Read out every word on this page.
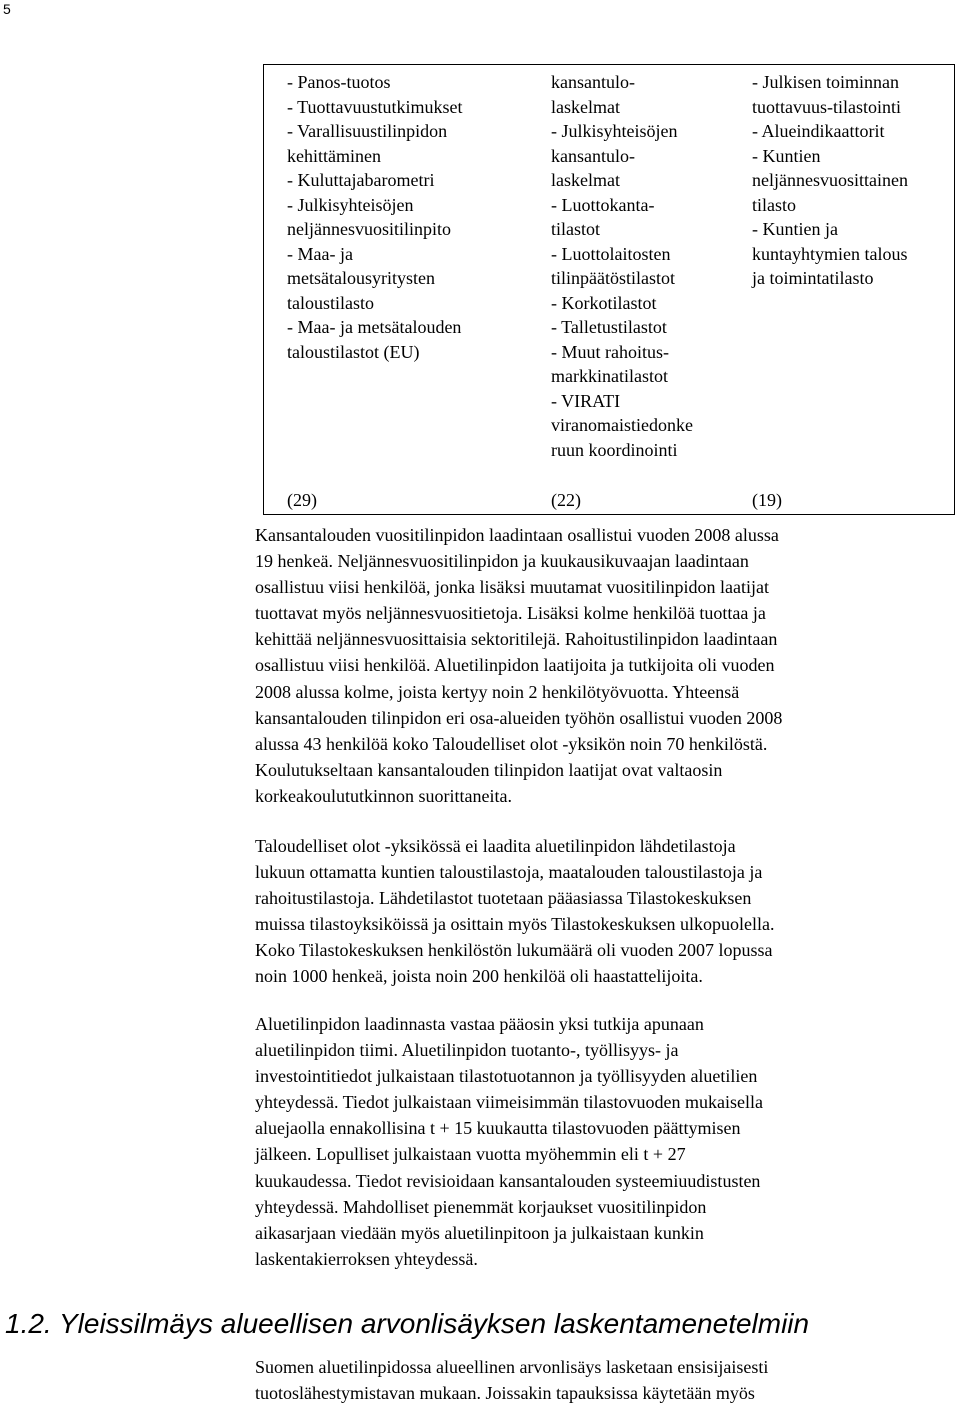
5
- Panos-tuotos
- Tuottavuustutkimukset
- Varallisuustilinpidon
kehittäminen
- Kuluttajabarometri
- Julkisyhteisöjen
neljännesvuositilinpito
- Maa- ja
metsätalousyritysten
taloustilasto
- Maa- ja metsätalouden
taloustilastot (EU)
kansantulo-
laskelmat
- Julkisyhteisöjen
kansantulo-
laskelmat
- Luottokanta-
tilastot
- Luottolaitosten
tilinpäätöstilastot
- Korkotilastot
- Talletustilastot
- Muut rahoitus-
markkinatilastot
- VIRATI
viranomaistiedonke
ruun koordinointi
- Julkisen toiminnan
tuottavuus-tilastointi
- Alueindikaattorit
- Kuntien
neljännesvuosittainen
tilasto
- Kuntien ja
kuntayhtymien talous
ja toimintatilasto
(29)	(22)	(19)

Kansantalouden vuositilinpidon laadintaan osallistui vuoden 2008 alussa
19 henkeä. Neljännesvuositilinpidon ja kuukausikuvaajan laadintaan
osallistuu viisi henkilöä, jonka lisäksi muutamat vuositilinpidon laatijat
tuottavat myös neljännesvuositietoja. Lisäksi kolme henkilöä tuottaa ja
kehittää neljännesvuosittaisia sektoritilejä. Rahoitustilinpidon laadintaan
osallistuu viisi henkilöä. Aluetilinpidon laatijoita ja tutkijoita oli vuoden
2008 alussa kolme, joista kertyy noin 2 henkilötyövuotta. Yhteensä
kansantalouden tilinpidon eri osa-alueiden työhön osallistui vuoden 2008
alussa 43 henkilöä koko Taloudelliset olot -yksikön noin 70 henkilöstä.
Koulutukseltaan kansantalouden tilinpidon laatijat ovat valtaosin
korkeakoulututkinnon suorittaneita.

Taloudelliset olot -yksikössä ei laadita aluetilinpidon lähdetilastoja
lukuun ottamatta kuntien taloustilastoja, maatalouden taloustilastoja ja
rahoitustilastoja. Lähdetilastot tuotetaan pääasiassa Tilastokeskuksen
muissa tilastoyksiköissä ja osittain myös Tilastokeskuksen ulkopuolella.
Koko Tilastokeskuksen henkilöstön lukumäärä oli vuoden 2007 lopussa
noin 1000 henkeä, joista noin 200 henkilöä oli haastattelijoita.

Aluetilinpidon laadinnasta vastaa pääosin yksi tutkija apunaan
aluetilinpidon tiimi. Aluetilinpidon tuotanto-, työllisyys- ja
investointitiedot julkaistaan tilastotuotannon ja työllisyyden aluetilien
yhteydessä. Tiedot julkaistaan viimeisimmän tilastovuoden mukaisella
aluejaolla ennakollisina t + 15 kuukautta tilastovuoden päättymisen
jälkeen. Lopulliset julkaistaan vuotta myöhemmin eli t + 27
kuukaudessa. Tiedot revisioidaan kansantalouden systeemiuudistusten
yhteydessä. Mahdolliset pienemmät korjaukset vuositilinpidon
aikasarjaan viedään myös aluetilinpitoon ja julkaistaan kunkin
laskentakierroksen yhteydessä.

1.2. Yleissilmäys alueellisen arvonlisäyksen laskentamenetelmiin

Suomen aluetilinpidossa alueellinen arvonlisäys lasketaan ensisijaisesti
tuotoslähestymistavan mukaan. Joissakin tapauksissa käytetään myös
